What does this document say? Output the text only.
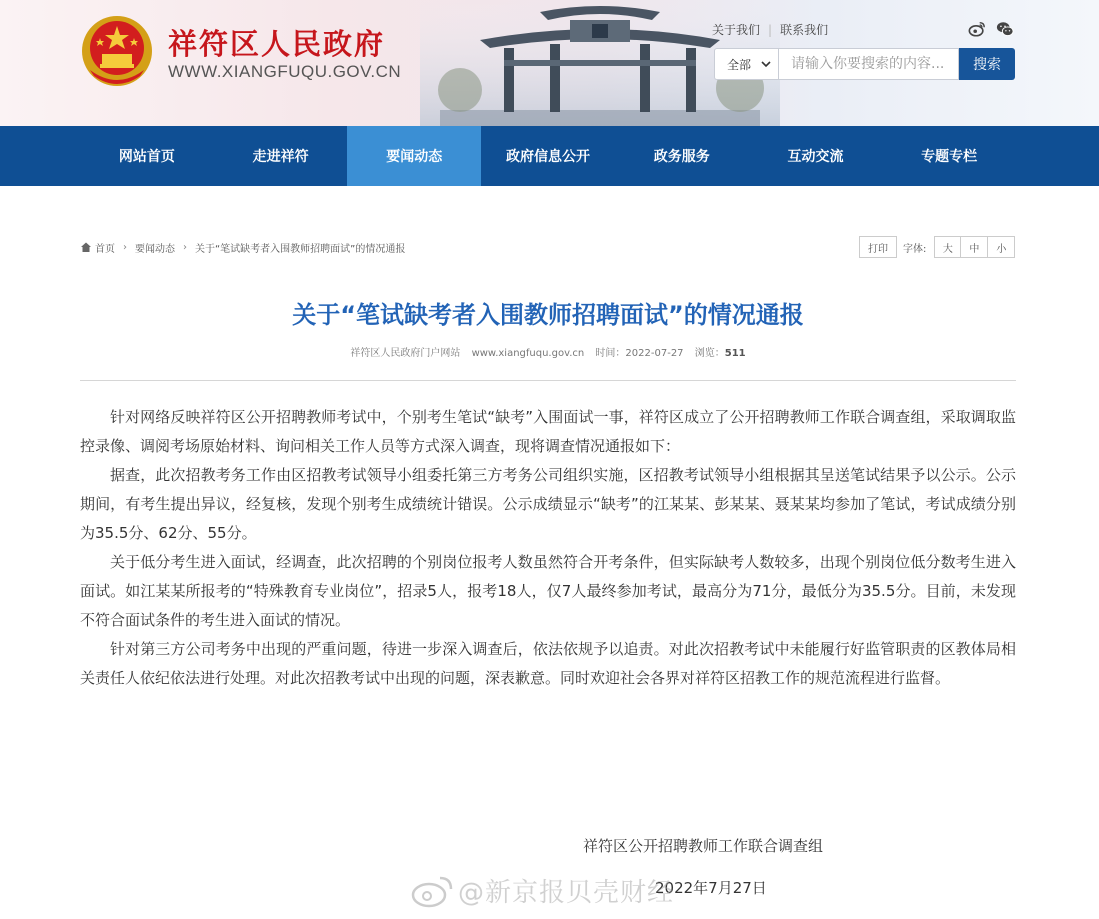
祥符区人民政府
WWW.XIANGFUQU.GOV.CN
关于我们 | 联系我们
全部	请输入你要搜索的内容...	搜索
网站首页	走进祥符	要闻动态	政府信息公开	政务服务	互动交流	专题专栏
首页 › 要闻动态 › 关于“笔试缺考者入围教师招聘面试”的情况通报	打印	字体:	大	中	小
关于“笔试缺考者入围教师招聘面试”的情况通报
祥符区人民政府门户网站 www.xiangfuqu.gov.cn 时间：2022-07-27 浏览：511

针对网络反映祥符区公开招聘教师考试中，个别考生笔试“缺考”入围面试一事，祥符区成立了公开招聘教师工作联合调查组，采取调取监控录像、调阅考场原始材料、询问相关工作人员等方式深入调查，现将调查情况通报如下：

据查，此次招教考务工作由区招教考试领导小组委托第三方考务公司组织实施，区招教考试领导小组根据其呈送笔试结果予以公示。公示期间，有考生提出异议，经复核，发现个别考生成绩统计错误。公示成绩显示“缺考”的江某某、彭某某、聂某某均参加了笔试，考试成绩分别为35.5分、62分、55分。

关于低分考生进入面试，经调查，此次招聘的个别岗位报考人数虽然符合开考条件，但实际缺考人数较多，出现个别岗位低分数考生进入面试。如江某某所报考的“特殊教育专业岗位”，招录5人，报考18人，仅7人最终参加考试，最高分为71分，最低分为35.5分。目前，未发现不符合面试条件的考生进入面试的情况。

针对第三方公司考务中出现的严重问题，待进一步深入调查后，依法依规予以追责。对此次招教考试中未能履行好监管职责的区教体局相关责任人依纪依法进行处理。对此次招教考试中出现的问题，深表歉意。同时欢迎社会各界对祥符区招教工作的规范流程进行监督。

祥符区公开招聘教师工作联合调查组
2022年7月27日
@新京报贝壳财经
